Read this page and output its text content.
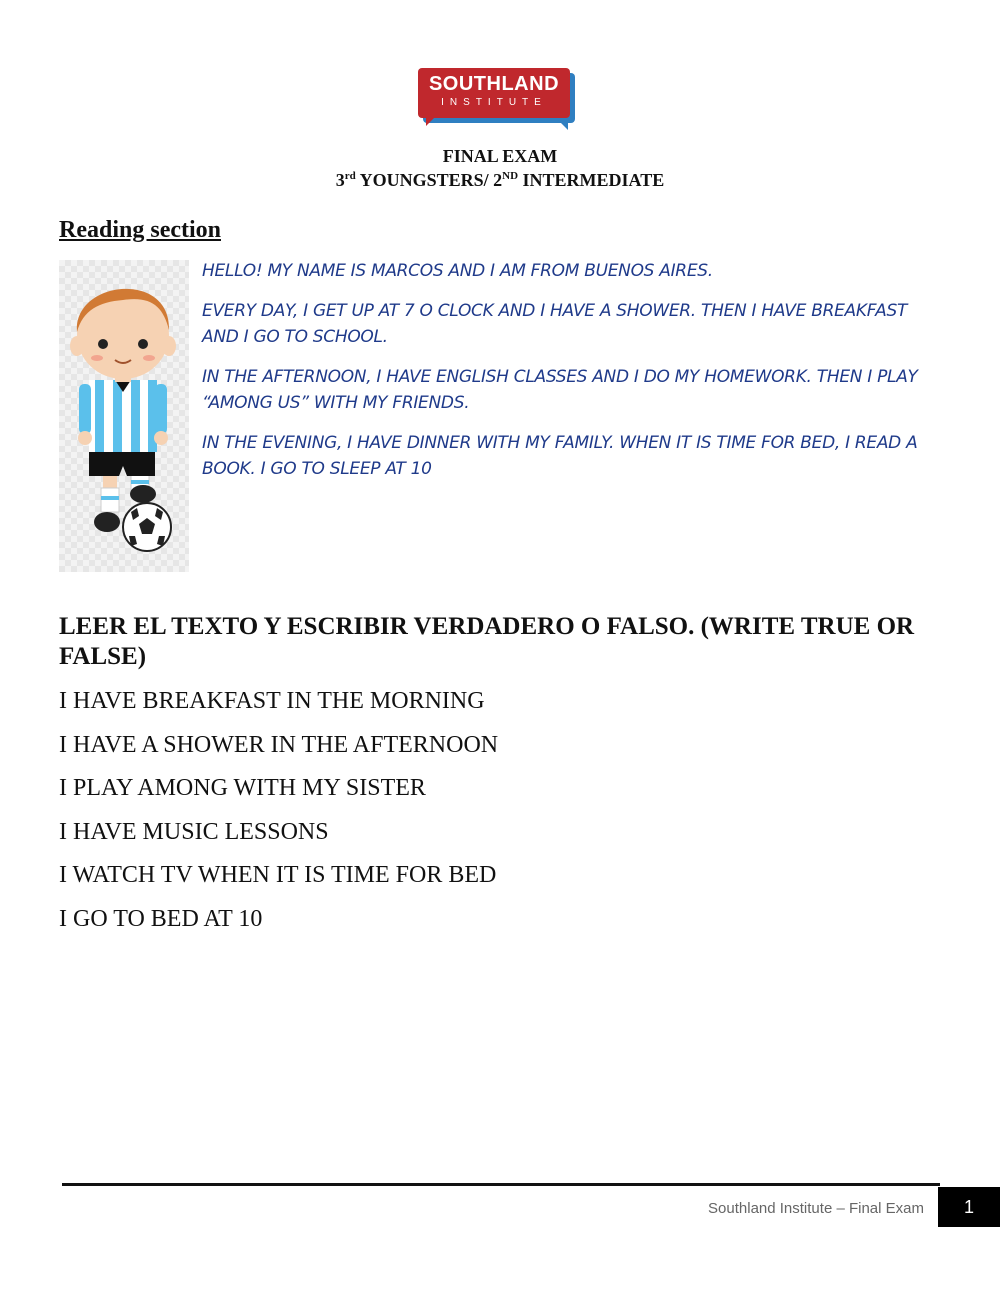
SOUTHLAND
INSTITUTE
FINAL EXAM
3rd YOUNGSTERS/ 2ND INTERMEDIATE
Reading section

HELLO! MY NAME IS MARCOS AND I AM FROM BUENOS AIRES.

EVERY DAY, I GET UP AT 7 O CLOCK AND I HAVE A SHOWER. THEN I HAVE BREAKFAST AND I GO TO SCHOOL.

IN THE AFTERNOON, I HAVE ENGLISH CLASSES AND I DO MY HOMEWORK. THEN I PLAY “AMONG US” WITH MY FRIENDS.

IN THE EVENING, I HAVE DINNER WITH MY FAMILY. WHEN IT IS TIME FOR BED, I READ A BOOK. I GO TO SLEEP AT 10

LEER EL TEXTO Y ESCRIBIR VERDADERO O FALSO. (WRITE TRUE OR FALSE)
I HAVE BREAKFAST IN THE MORNING
I HAVE A SHOWER IN THE AFTERNOON
I PLAY AMONG WITH MY SISTER
I HAVE MUSIC LESSONS
I WATCH TV WHEN IT IS TIME FOR BED
I GO TO BED AT 10
Southland Institute – Final Exam	1
